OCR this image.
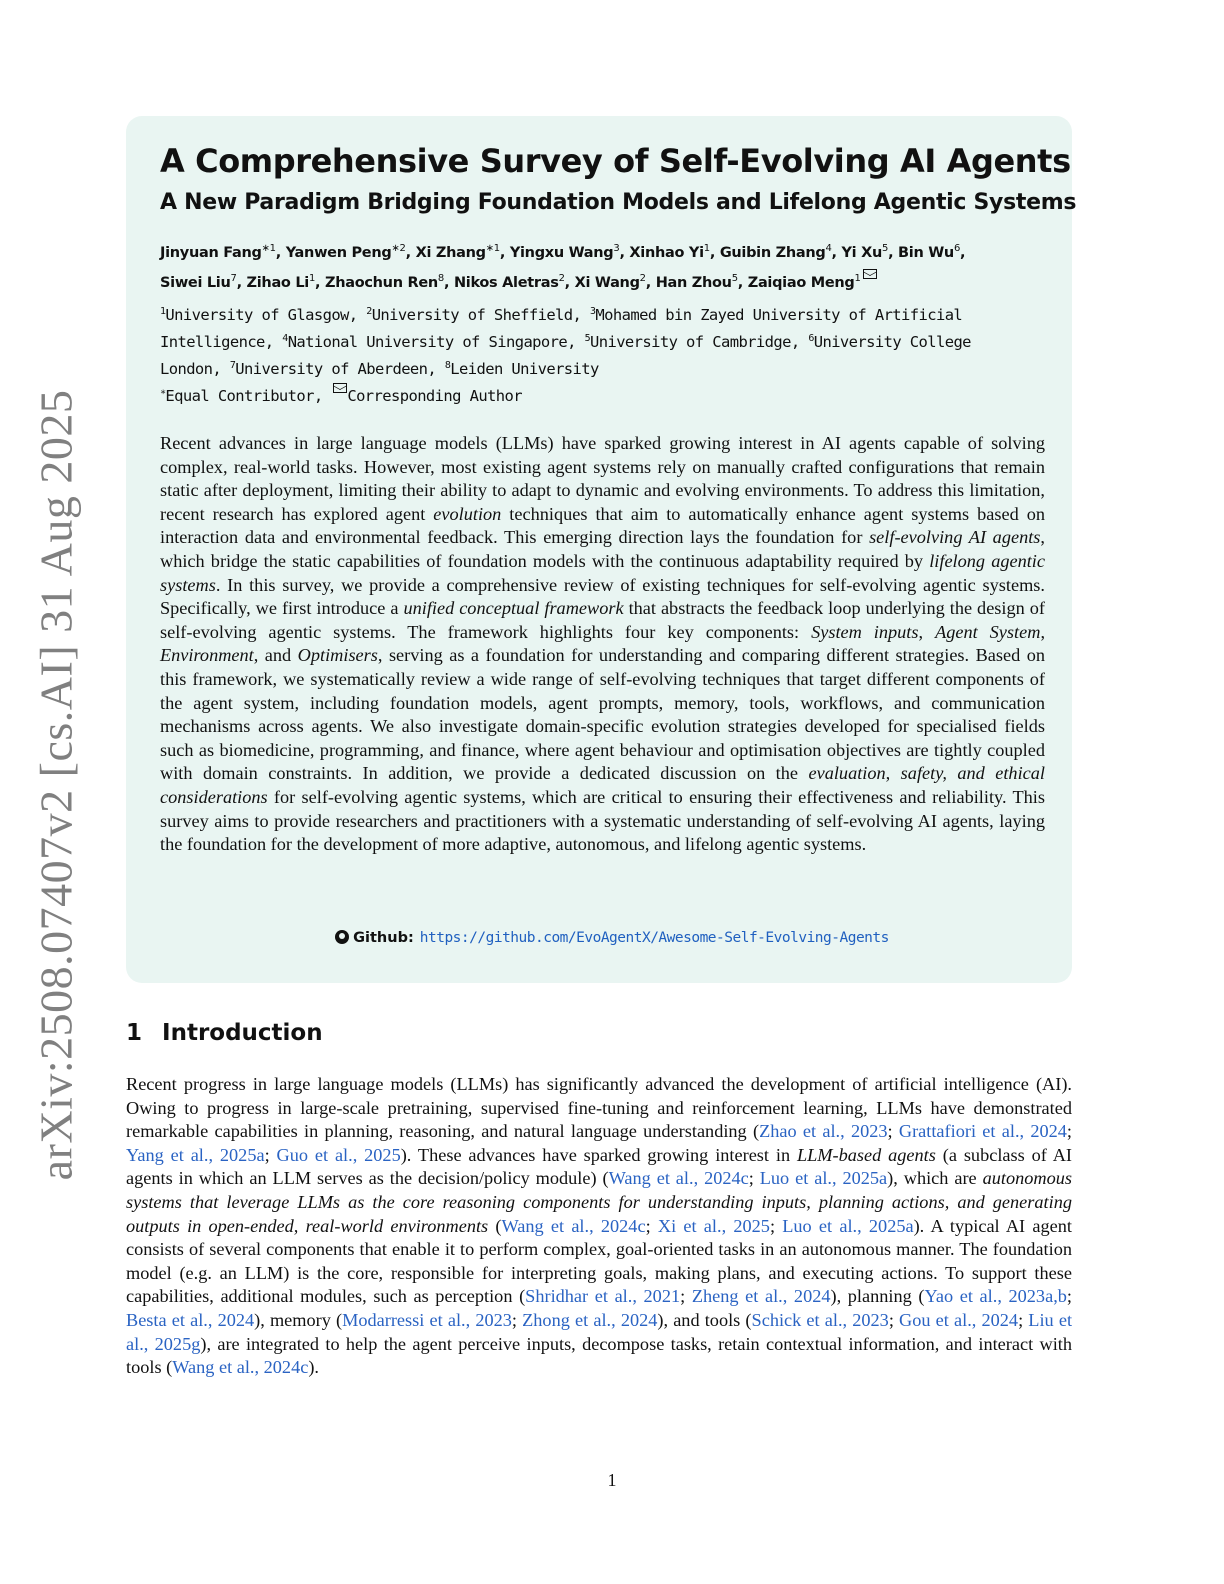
arXiv:2508.07407v2 [cs.AI] 31 Aug 2025
A Comprehensive Survey of Self-Evolving AI Agents
A New Paradigm Bridging Foundation Models and Lifelong Agentic Systems
Jinyuan Fang$^{∗1}$, Yanwen Peng$^{∗2}$, Xi Zhang$^{∗1}$, Yingxu Wang$^3$, Xinhao Yi$^1$, Guibin Zhang$^4$, Yi Xu$^5$, Bin Wu$^6$,
Siwei Liu$^7$, Zihao Li$^1$, Zhaochun Ren$^8$, Nikos Aletras$^2$, Xi Wang$^2$, Han Zhou$^5$, Zaiqiao Meng$^1$
$^1$University of Glasgow, $^2$University of Sheffield, $^3$Mohamed bin Zayed University of Artificial Intelligence, $^4$National University of Singapore, $^5$University of Cambridge, $^6$University College London, $^7$University of Aberdeen, $^8$Leiden University
∗Equal Contributor, Corresponding Author

Recent advances in large language models (LLMs) have sparked growing interest in AI agents capable of solving complex, real-world tasks. However, most existing agent systems rely on manually crafted configurations that remain static after deployment, limiting their ability to adapt to dynamic and evolving environments. To address this limitation, recent research has explored agent evolution techniques that aim to automatically enhance agent systems based on interaction data and environmental feedback. This emerging direction lays the foundation for self-evolving AI agents, which bridge the static capabilities of foundation models with the continuous adaptability required by lifelong agentic systems. In this survey, we provide a comprehensive review of existing techniques for self-evolving agentic systems. Specifically, we first introduce a unified conceptual framework that abstracts the feedback loop underlying the design of self-evolving agentic systems. The framework highlights four key components: System inputs, Agent System, Environment, and Optimisers, serving as a foundation for understanding and comparing different strategies. Based on this framework, we systematically review a wide range of self-evolving techniques that target different components of the agent system, including foundation models, agent prompts, memory, tools, workflows, and communication mechanisms across agents. We also investigate domain-specific evolution strategies developed for specialised fields such as biomedicine, programming, and finance, where agent behaviour and optimisation objectives are tightly coupled with domain constraints. In addition, we provide a dedicated discussion on the evaluation, safety, and ethical considerations for self-evolving agentic systems, which are critical to ensuring their effectiveness and reliability. This survey aims to provide researchers and practitioners with a systematic understanding of self-evolving AI agents, laying the foundation for the development of more adaptive, autonomous, and lifelong agentic systems.

Github: https://github.com/EvoAgentX/Awesome-Self-Evolving-Agents
1 Introduction

Recent progress in large language models (LLMs) has significantly advanced the development of artificial intelligence (AI). Owing to progress in large-scale pretraining, supervised fine-tuning and reinforcement learning, LLMs have demonstrated remarkable capabilities in planning, reasoning, and natural language understanding (Zhao et al., 2023; Grattafiori et al., 2024; Yang et al., 2025a; Guo et al., 2025). These advances have sparked growing interest in LLM-based agents (a subclass of AI agents in which an LLM serves as the decision/policy module) (Wang et al., 2024c; Luo et al., 2025a), which are autonomous systems that leverage LLMs as the core reasoning components for understanding inputs, planning actions, and generating outputs in open-ended, real-world environments (Wang et al., 2024c; Xi et al., 2025; Luo et al., 2025a). A typical AI agent consists of several components that enable it to perform complex, goal-oriented tasks in an autonomous manner. The foundation model (e.g. an LLM) is the core, responsible for interpreting goals, making plans, and executing actions. To support these capabilities, additional modules, such as perception (Shridhar et al., 2021; Zheng et al., 2024), planning (Yao et al., 2023a,b; Besta et al., 2024), memory (Modarressi et al., 2023; Zhong et al., 2024), and tools (Schick et al., 2023; Gou et al., 2024; Liu et al., 2025g), are integrated to help the agent perceive inputs, decompose tasks, retain contextual information, and interact with tools (Wang et al., 2024c).

1
